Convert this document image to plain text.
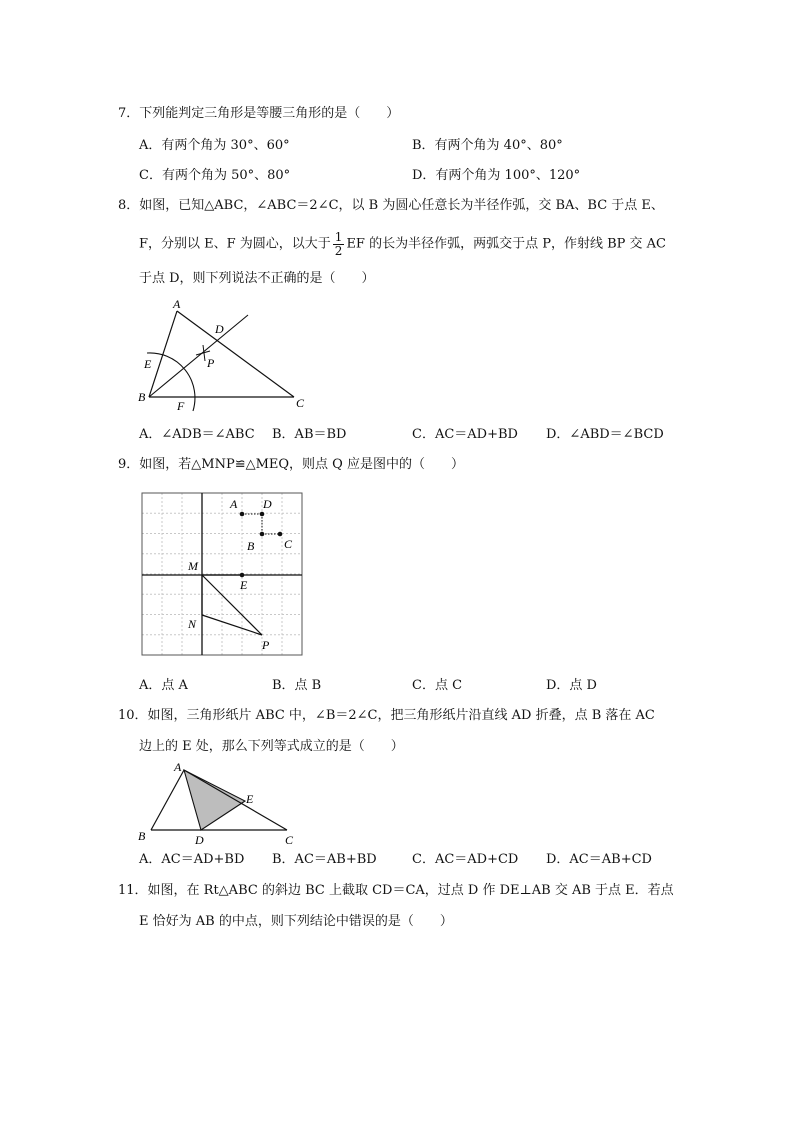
7．下列能判定三角形是等腰三角形的是（　　）
A．有两个角为 30°、60°	B．有两个角为 40°、80°
C．有两个角为 50°、80°	D．有两个角为 100°、120°
8．如图，已知△ABC，∠ABC＝2∠C，以 B 为圆心任意长为半径作弧，交 BA、BC 于点 E、
F，分别以 E、F 为圆心，以大于 $\frac{1}{2}$ EF 的长为半径作弧，两弧交于点 P，作射线 BP 交 AC
于点 D，则下列说法不正确的是（　　）
A
B	C
D
E
F
P
A．∠ADB＝∠ABC B．AB＝BD	C．AC＝AD+BD D．∠ABD＝∠BCD
9．如图，若△MNP≌△MEQ，则点 Q 应是图中的（　　）
A D
B C
M
E
N
P
A．点 A	B．点 B	C．点 C	D．点 D
10．如图，三角形纸片 ABC 中，∠B＝2∠C，把三角形纸片沿直线 AD 折叠，点 B 落在 AC
边上的 E 处，那么下列等式成立的是（　　）
A
B	C
D
E
A．AC＝AD+BD B．AC＝AB+BD	C．AC＝AD+CD D．AC＝AB+CD
11．如图，在 Rt△ABC 的斜边 BC 上截取 CD＝CA，过点 D 作 DE⊥AB 交 AB 于点 E．若点
E 恰好为 AB 的中点，则下列结论中错误的是（　　）
